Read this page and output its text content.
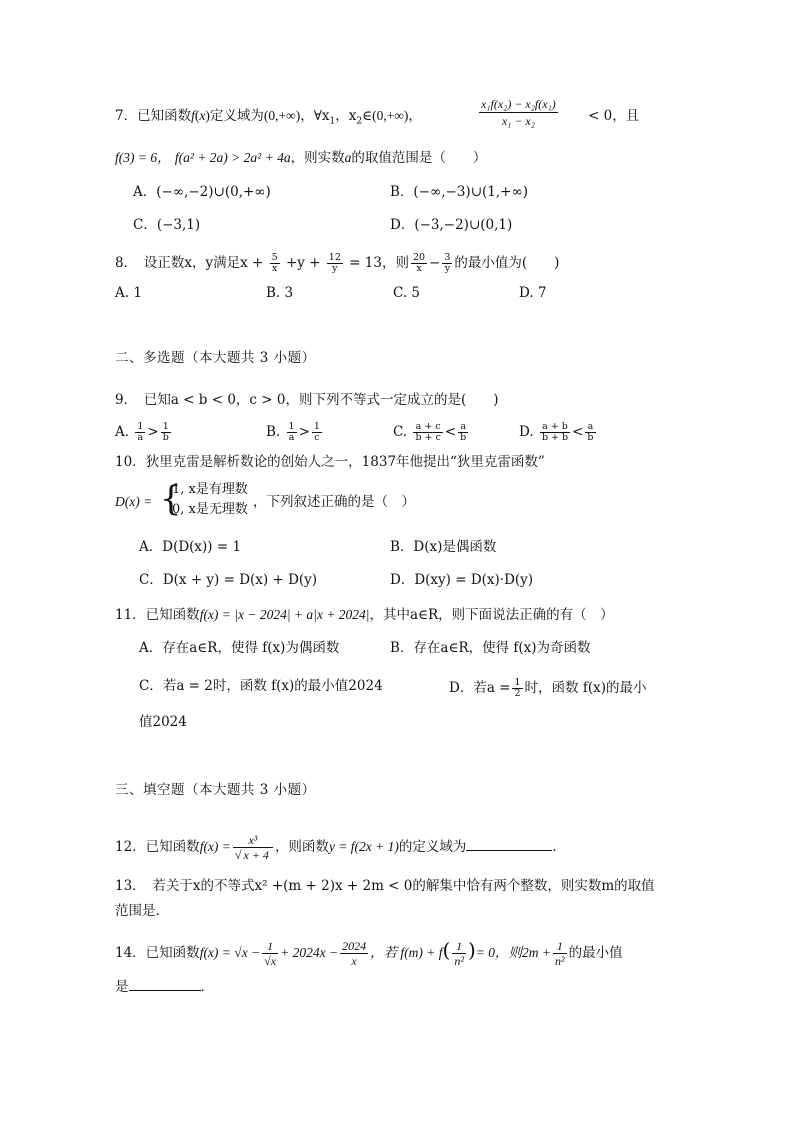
7．已知函数f(x)定义域为(0,+∞)，$\forall x_1$，$x_2\in(0,+\infty)$，	$\frac{\text{x₁f(x₂) − x₂f(x₁)}}{\text{x₁ − x₂}} < 0$，且
f(3) = 6， f(a² + 2a) > 2a² + 4a，则实数a的取值范围是（　　）
A．(−∞,−2)∪(0,+∞)	B．(−∞,−3)∪(1,+∞)
C．(−3,1)	D．(−3,−2)∪(0,1)
8．　设正数x，y满足$x + \frac{5}{x} +y + \frac{12}{y} = 13$，则 $\frac{20}{x} - \frac{3}{y}$ 的最小值为(　　)
A. 1	B. 3	C. 5	D. 7
二、多选题（本大题共 3 小题）
9．　已知a < b < 0，c > 0，则下列不等式一定成立的是(　　)
A. $\frac{1}{a} > \frac{1}{b}$	B. $\frac{1}{a} > \frac{1}{c}$	C. $\frac{a + c}{b + c} < \frac{a}{b}$	D. $\frac{a + b}{b + b} < \frac{a}{b}$
10．狄里克雷是解析数论的创始人之一，1837年他提出“狄里克雷函数”
D(x) = {
1, x是有理数
0, x是无理数 ，下列叙述正确的是（　）
A．D(D(x)) = 1	B．D(x)是偶函数
C．D(x + y) = D(x) + D(y)	D．D(xy) = D(x)·D(y)
11．已知函数f(x) = |x − 2024| + a|x + 2024|，其中a∈R，则下面说法正确的有（　）
A．存在a∈R，使得 f(x)为偶函数	B．存在a∈R，使得 f(x)为奇函数
C．若a = 2时，函数 f(x)的最小值2024	D．若$a = \frac{1}{2}$ 时，函数 f(x)的最小
值2024
三、填空题（本大题共 3 小题）
12．已知函数$f(x) = \frac{\text{x³}}{√ x + 4}$ ，则函数y = f(2x + 1)的定义域为	．
13．　若关于x的不等式x² +(m + 2)x + 2m < 0的解集中恰有两个整数，则实数m的取值
范围是.
14．已知函数$f(x) = √x - \frac{1}{√x} + 2024x - \frac{2024}{x}$ ，若 $f(m) + f( \frac{1}{\text{n²}}$ )= 0，则$2m + \frac{1}{\text{n²}}$ 的最小值
是	．
